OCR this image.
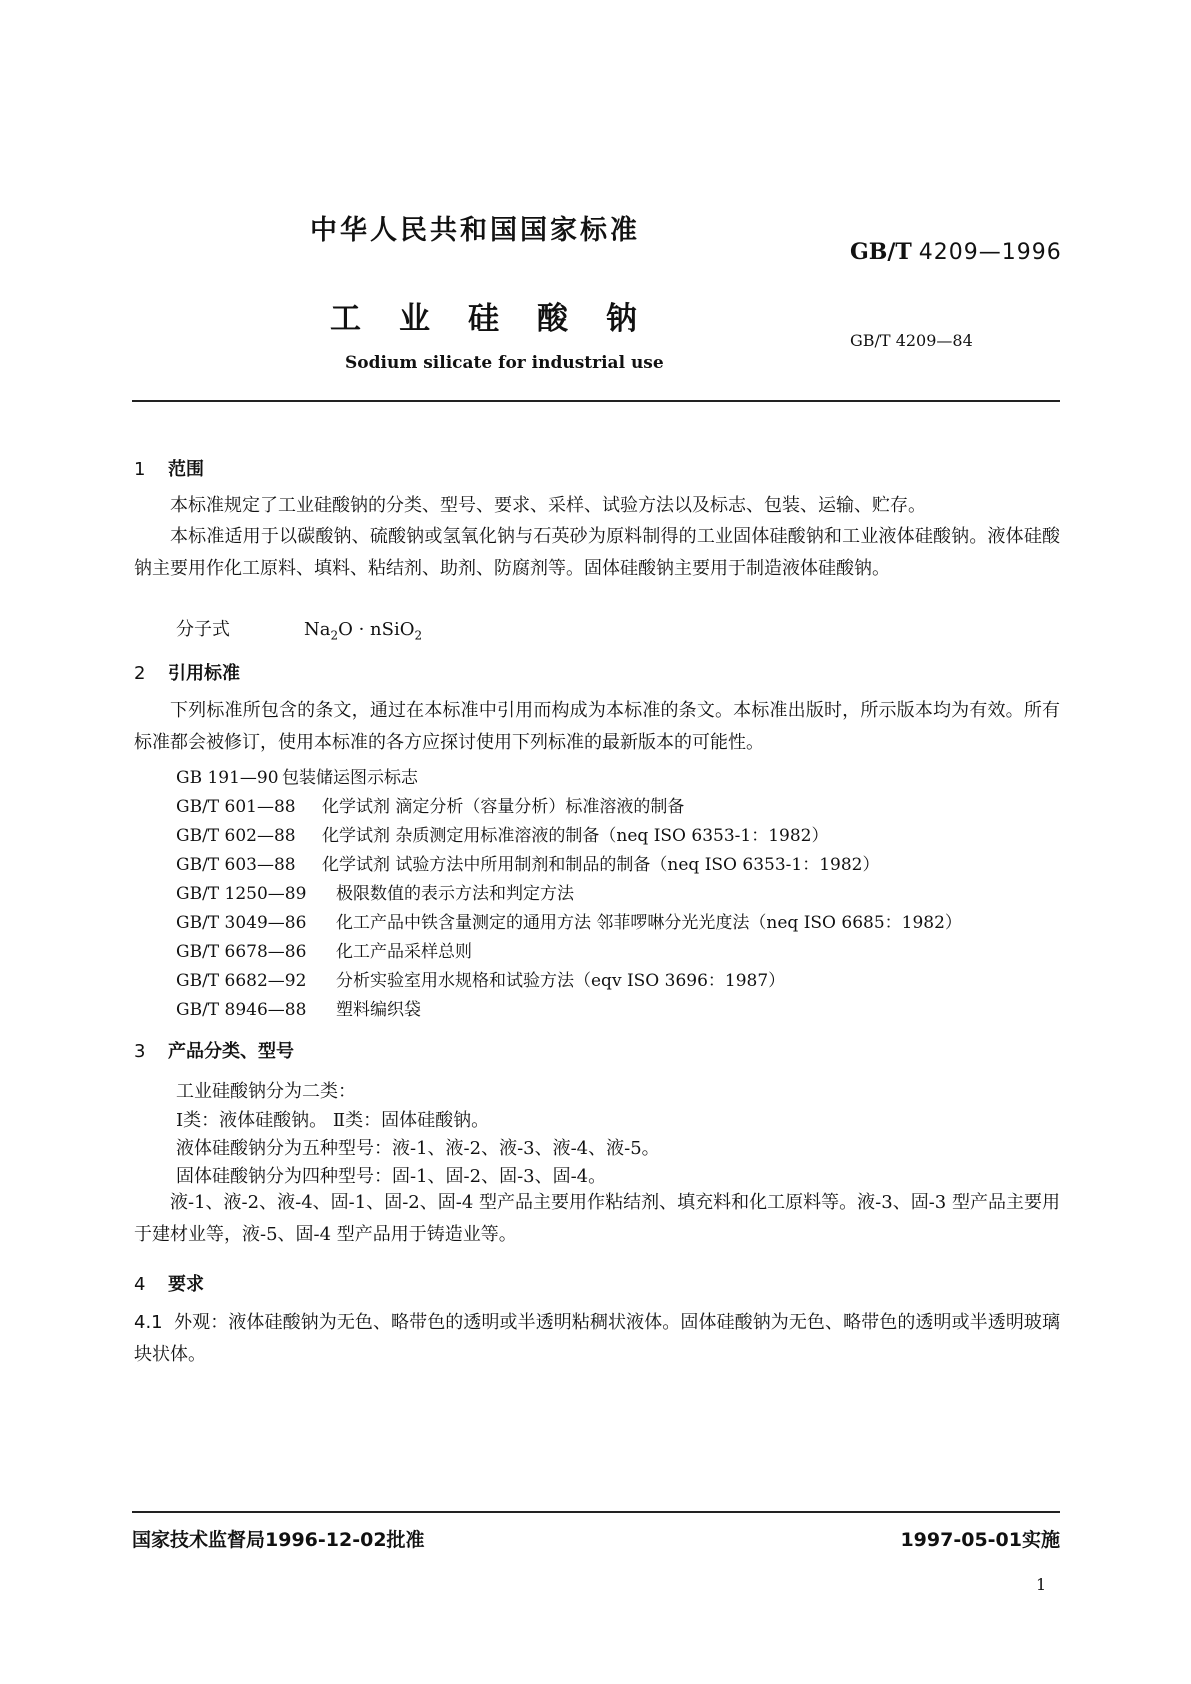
中华人民共和国国家标准
GB/T 4209—1996
工业硅酸钠
GB/T 4209—84
Sodium silicate for industrial use
1 范围
本标准规定了工业硅酸钠的分类、型号、要求、采样、试验方法以及标志、包装、运输、贮存。
本标准适用于以碳酸钠、硫酸钠或氢氧化钠与石英砂为原料制得的工业固体硅酸钠和工业液体硅酸钠。液体硅酸钠主要用作化工原料、填料、粘结剂、助剂、防腐剂等。固体硅酸钠主要用于制造液体硅酸钠。
分子式	$Na_2O$ · nSiO$_2$
2 引用标准
下列标准所包含的条文，通过在本标准中引用而构成为本标准的条文。本标准出版时，所示版本均为有效。所有标准都会被修订，使用本标准的各方应探讨使用下列标准的最新版本的可能性。
GB 191—90 包装储运图示标志
GB/T 601—88 化学试剂 滴定分析（容量分析）标准溶液的制备
GB/T 602—88 化学试剂 杂质测定用标准溶液的制备（neq ISO 6353-1：1982）
GB/T 603—88 化学试剂 试验方法中所用制剂和制品的制备（neq ISO 6353-1：1982）
GB/T 1250—89 极限数值的表示方法和判定方法
GB/T 3049—86 化工产品中铁含量测定的通用方法 邻菲啰啉分光光度法（neq ISO 6685：1982）
GB/T 6678—86 化工产品采样总则
GB/T 6682—92 分析实验室用水规格和试验方法（eqv ISO 3696：1987）
GB/T 8946—88 塑料编织袋
3 产品分类、型号
工业硅酸钠分为二类：
Ⅰ类：液体硅酸钠。 Ⅱ类：固体硅酸钠。
液体硅酸钠分为五种型号：液-1、液-2、液-3、液-4、液-5。
固体硅酸钠分为四种型号：固-1、固-2、固-3、固-4。
液-1、液-2、液-4、固-1、固-2、固-4 型产品主要用作粘结剂、填充料和化工原料等。液-3、固-3 型产品主要用于建材业等，液-5、固-4 型产品用于铸造业等。
4 要求
4.1 外观：液体硅酸钠为无色、略带色的透明或半透明粘稠状液体。固体硅酸钠为无色、略带色的透明或半透明玻璃块状体。
国家技术监督局1996-12-02批准	1997-05-01实施
1
